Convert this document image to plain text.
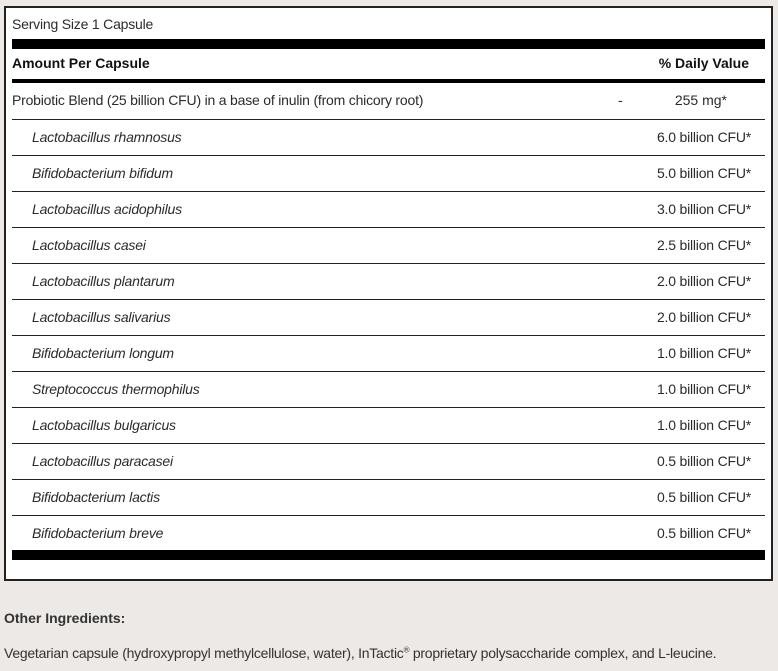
Serving Size 1 Capsule
Amount Per Capsule	% Daily Value
Probiotic Blend (25 billion CFU) in a base of inulin (from chicory root)	-	255 mg*
Lactobacillus rhamnosus	6.0 billion CFU*
Bifidobacterium bifidum	5.0 billion CFU*
Lactobacillus acidophilus	3.0 billion CFU*
Lactobacillus casei	2.5 billion CFU*
Lactobacillus plantarum	2.0 billion CFU*
Lactobacillus salivarius	2.0 billion CFU*
Bifidobacterium longum	1.0 billion CFU*
Streptococcus thermophilus	1.0 billion CFU*
Lactobacillus bulgaricus	1.0 billion CFU*
Lactobacillus paracasei	0.5 billion CFU*
Bifidobacterium lactis	0.5 billion CFU*
Bifidobacterium breve	0.5 billion CFU*
Other Ingredients:
Vegetarian capsule (hydroxypropyl methylcellulose, water), InTactic® proprietary polysaccharide complex, and L-leucine.
